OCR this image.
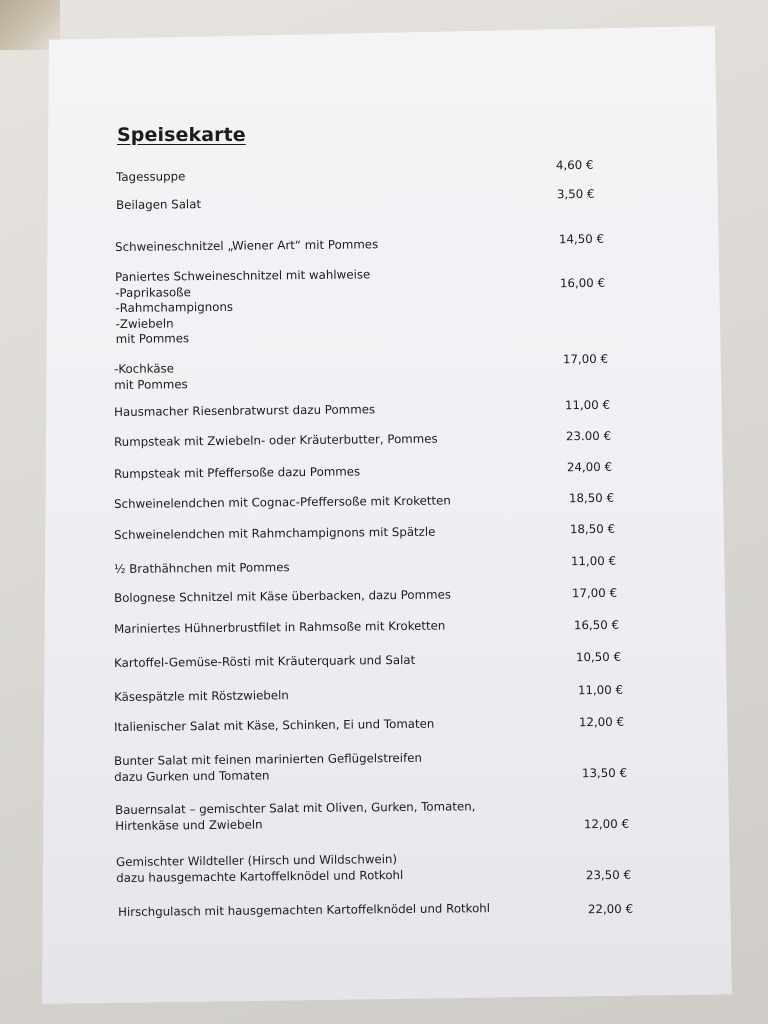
Speisekarte
Tagessuppe
4,60 €
Beilagen Salat
3,50 €
Schweineschnitzel „Wiener Art“ mit Pommes	14,50 €
Paniertes Schweineschnitzel mit wahlweise
-Paprikasoße
-Rahmchampignons
-Zwiebeln
mit Pommes
16,00 €
-Kochkäse
mit Pommes
17,00 €
Hausmacher Riesenbratwurst dazu Pommes	11,00 €
Rumpsteak mit Zwiebeln- oder Kräuterbutter, Pommes	23.00 €
Rumpsteak mit Pfeffersoße dazu Pommes	24,00 €
Schweinelendchen mit Cognac-Pfeffersoße mit Kroketten	18,50 €
Schweinelendchen mit Rahmchampignons mit Spätzle	18,50 €
½ Brathähnchen mit Pommes	11,00 €
Bolognese Schnitzel mit Käse überbacken, dazu Pommes	17,00 €
Mariniertes Hühnerbrustfilet in Rahmsoße mit Kroketten	16,50 €
Kartoffel-Gemüse-Rösti mit Kräuterquark und Salat	10,50 €
Käsespätzle mit Röstzwiebeln	11,00 €
Italienischer Salat mit Käse, Schinken, Ei und Tomaten	12,00 €
Bunter Salat mit feinen marinierten Geflügelstreifen
dazu Gurken und Tomaten	13,50 €
Bauernsalat – gemischter Salat mit Oliven, Gurken, Tomaten,
Hirtenkäse und Zwiebeln	12,00 €
Gemischter Wildteller (Hirsch und Wildschwein)
dazu hausgemachte Kartoffelknödel und Rotkohl	23,50 €
Hirschgulasch mit hausgemachten Kartoffelknödel und Rotkohl	22,00 €
